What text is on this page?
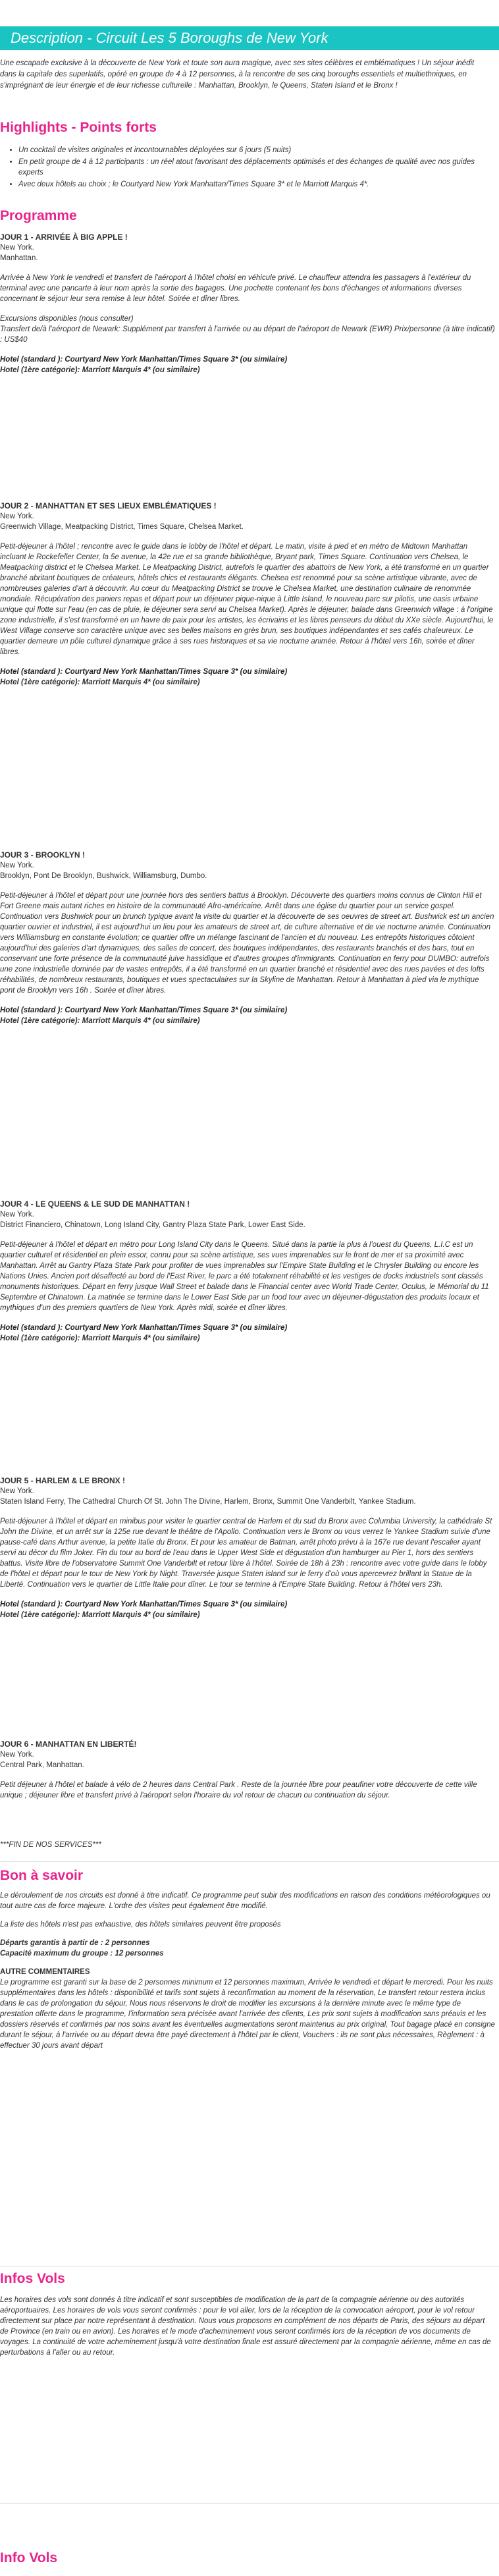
Description - Circuit Les 5 Boroughs de New York

Une escapade exclusive à la découverte de New York et toute son aura magique, avec ses sites célèbres et emblématiques ! Un séjour inédit dans la capitale des superlatifs, opéré en groupe de 4 à 12 personnes, à la rencontre de ses cinq boroughs essentiels et multiethniques, en s'imprégnant de leur énergie et de leur richesse culturelle : Manhattan, Brooklyn, le Queens, Staten Island et le Bronx !

Highlights - Points forts
• Un cocktail de visites originales et incontournables déployées sur 6 jours (5 nuits)
• En petit groupe de 4 à 12 participants : un réel atout favorisant des déplacements optimisés et des échanges de qualité avec nos guides experts
• Avec deux hôtels au choix ; le Courtyard New York Manhattan/Times Square 3* et le Marriott Marquis 4*.
Programme

JOUR 1 - ARRIVÉE À BIG APPLE !

New York.

Manhattan.

Arrivée à New York le vendredi et transfert de l'aéroport à l'hôtel choisi en véhicule privé. Le chauffeur attendra les passagers à l'extérieur du terminal avec une pancarte à leur nom après la sortie des bagages. Une pochette contenant les bons d'échanges et informations diverses concernant le séjour leur sera remise à leur hôtel. Soirée et dîner libres.

Excursions disponibles (nous consulter)

Transfert de/à l'aéroport de Newark: Supplément par transfert à l'arrivée ou au départ de l'aéroport de Newark (EWR) Prix/personne (à titre indicatif) : US$40

Hotel (standard ): Courtyard New York Manhattan/Times Square 3* (ou similaire)

Hotel (1ère catégorie): Marriott Marquis 4* (ou similaire)

JOUR 2 - MANHATTAN ET SES LIEUX EMBLÉMATIQUES !

New York.

Greenwich Village, Meatpacking District, Times Square, Chelsea Market.

Petit-déjeuner à l'hôtel ; rencontre avec le guide dans le lobby de l'hôtel et départ. Le matin, visite à pied et en métro de Midtown Manhattan incluant le Rockefeller Center, la 5e avenue, la 42e rue et sa grande bibliothèque, Bryant park, Times Square. Continuation vers Chelsea, le Meatpacking district et le Chelsea Market. Le Meatpacking District, autrefois le quartier des abattoirs de New York, a été transformé en un quartier branché abritant boutiques de créateurs, hôtels chics et restaurants élégants. Chelsea est renommé pour sa scène artistique vibrante, avec de nombreuses galeries d'art à découvrir. Au cœur du Meatpacking District se trouve le Chelsea Market, une destination culinaire de renommée mondiale. Récupération des paniers repas et départ pour un déjeuner pique-nique à Little Island, le nouveau parc sur pilotis, une oasis urbaine unique qui flotte sur l'eau (en cas de pluie, le déjeuner sera servi au Chelsea Market). Après le déjeuner, balade dans Greenwich village : à l'origine zone industrielle, il s'est transformé en un havre de paix pour les artistes, les écrivains et les libres penseurs du début du XXe siècle. Aujourd'hui, le West Village conserve son caractère unique avec ses belles maisons en grès brun, ses boutiques indépendantes et ses cafés chaleureux. Le quartier demeure un pôle culturel dynamique grâce à ses rues historiques et sa vie nocturne animée. Retour à l'hôtel vers 16h, soirée et dîner libres.

Hotel (standard ): Courtyard New York Manhattan/Times Square 3* (ou similaire)

Hotel (1ère catégorie): Marriott Marquis 4* (ou similaire)

JOUR 3 - BROOKLYN !

New York.

Brooklyn, Pont De Brooklyn, Bushwick, Williamsburg, Dumbo.

Petit-déjeuner à l'hôtel et départ pour une journée hors des sentiers battus à Brooklyn. Découverte des quartiers moins connus de Clinton Hill et Fort Greene mais autant riches en histoire de la communauté Afro-américaine. Arrêt dans une église du quartier pour un service gospel. Continuation vers Bushwick pour un brunch typique avant la visite du quartier et la découverte de ses oeuvres de street art. Bushwick est un ancien quartier ouvrier et industriel, il est aujourd'hui un lieu pour les amateurs de street art, de culture alternative et de vie nocturne animée. Continuation vers Williamsburg en constante évolution; ce quartier offre un mélange fascinant de l'ancien et du nouveau. Les entrepôts historiques côtoient aujourd'hui des galeries d'art dynamiques, des salles de concert, des boutiques indépendantes, des restaurants branchés et des bars, tout en conservant une forte présence de la communauté juive hassidique et d'autres groupes d'immigrants. Continuation en ferry pour DUMBO: autrefois une zone industrielle dominée par de vastes entrepôts, il a été transformé en un quartier branché et résidentiel avec des rues pavées et des lofts réhabilités, de nombreux restaurants, boutiques et vues spectaculaires sur la Skyline de Manhattan. Retour à Manhattan à pied via le mythique pont de Brooklyn vers 16h . Soirée et dîner libres.

Hotel (standard ): Courtyard New York Manhattan/Times Square 3* (ou similaire)

Hotel (1ère catégorie): Marriott Marquis 4* (ou similaire)

JOUR 4 - LE QUEENS & LE SUD DE MANHATTAN !

New York.

District Financiero, Chinatown, Long Island City, Gantry Plaza State Park, Lower East Side.

Petit-déjeuner à l'hôtel et départ en métro pour Long Island City dans le Queens. Situé dans la partie la plus à l'ouest du Queens, L.I.C est un quartier culturel et résidentiel en plein essor, connu pour sa scène artistique, ses vues imprenables sur le front de mer et sa proximité avec Manhattan. Arrêt au Gantry Plaza State Park pour profiter de vues imprenables sur l'Empire State Building et le Chrysler Building ou encore les Nations Unies. Ancien port désaffecté au bord de l'East River, le parc a été totalement réhabilité et les vestiges de docks industriels sont classés monuments historiques. Départ en ferry jusque Wall Street et balade dans le Financial center avec World Trade Center, Oculus, le Mémorial du 11 Septembre et Chinatown. La matinée se termine dans le Lower East Side par un food tour avec un déjeuner-dégustation des produits locaux et mythiques d'un des premiers quartiers de New York. Après midi, soirée et dîner libres.

Hotel (standard ): Courtyard New York Manhattan/Times Square 3* (ou similaire)

Hotel (1ère catégorie): Marriott Marquis 4* (ou similaire)

JOUR 5 - HARLEM & LE BRONX !

New York.

Staten Island Ferry, The Cathedral Church Of St. John The Divine, Harlem, Bronx, Summit One Vanderbilt, Yankee Stadium.

Petit-déjeuner à l'hôtel et départ en minibus pour visiter le quartier central de Harlem et du sud du Bronx avec Columbia University, la cathédrale St John the Divine, et un arrêt sur la 125e rue devant le théâtre de l'Apollo. Continuation vers le Bronx ou vous verrez le Yankee Stadium suivie d'une pause-café dans Arthur avenue, la petite Italie du Bronx. Et pour les amateur de Batman, arrêt photo prévu à la 167e rue devant l'escalier ayant servi au décor du film Joker. Fin du tour au bord de l'eau dans le Upper West Side et dégustation d'un hamburger au Pier 1, hors des sentiers battus. Visite libre de l'observatoire Summit One Vanderbilt et retour libre à l'hôtel. Soirée de 18h à 23h : rencontre avec votre guide dans le lobby de l'hôtel et départ pour le tour de New York by Night. Traversée jusque Staten island sur le ferry d'où vous apercevrez brillant la Statue de la Liberté. Continuation vers le quartier de Little Italie pour dîner. Le tour se termine à l'Empire State Building. Retour à l'hôtel vers 23h.

Hotel (standard ): Courtyard New York Manhattan/Times Square 3* (ou similaire)

Hotel (1ère catégorie): Marriott Marquis 4* (ou similaire)

JOUR 6 - MANHATTAN EN LIBERTÉ!

New York.

Central Park, Manhattan.

Petit déjeuner à l'hôtel et balade à vélo de 2 heures dans Central Park . Reste de la journée libre pour peaufiner votre découverte de cette ville unique ; déjeuner libre et transfert privé à l'aéroport selon l'horaire du vol retour de chacun ou continuation du séjour.

***FIN DE NOS SERVICES***
Bon à savoir

Le déroulement de nos circuits est donné à titre indicatif. Ce programme peut subir des modifications en raison des conditions météorologiques ou tout autre cas de force majeure. L'ordre des visites peut également être modifié.

La liste des hôtels n'est pas exhaustive, des hôtels similaires peuvent être proposés

Départs garantis à partir de : 2 personnes

Capacité maximum du groupe : 12 personnes

AUTRE COMMENTAIRES

Le programme est garanti sur la base de 2 personnes minimum et 12 personnes maximum, Arrivée le vendredi et départ le mercredi. Pour les nuits supplémentaires dans les hôtels : disponibilité et tarifs sont sujets à reconfirmation au moment de la réservation, Le transfert retour restera inclus dans le cas de prolongation du séjour, Nous nous réservons le droit de modifier les excursions à la dernière minute avec le même type de prestation offerte dans le programme, l'information sera précisée avant l'arrivée des clients, Les prix sont sujets à modification sans préavis et les dossiers réservés et confirmés par nos soins avant les éventuelles augmentations seront maintenus au prix original, Tout bagage placé en consigne durant le séjour, à l'arrivée ou au départ devra être payé directement à l'hôtel par le client, Vouchers : ils ne sont plus nécessaires, Règlement : à effectuer 30 jours avant départ

Infos Vols

Les horaires des vols sont donnés à titre indicatif et sont susceptibles de modification de la part de la compagnie aérienne ou des autorités aéroportuaires. Les horaires de vols vous seront confirmés : pour le vol aller, lors de la réception de la convocation aéroport, pour le vol retour directement sur place par notre représentant à destination. Nous vous proposons en complément de nos départs de Paris, des séjours au départ de Province (en train ou en avion). Les horaires et le mode d'acheminement vous seront confirmés lors de la réception de vos documents de voyages. La continuité de votre acheminement jusqu'à votre destination finale est assuré directement par la compagnie aérienne, même en cas de perturbations à l'aller ou au retour.

Info Vols
